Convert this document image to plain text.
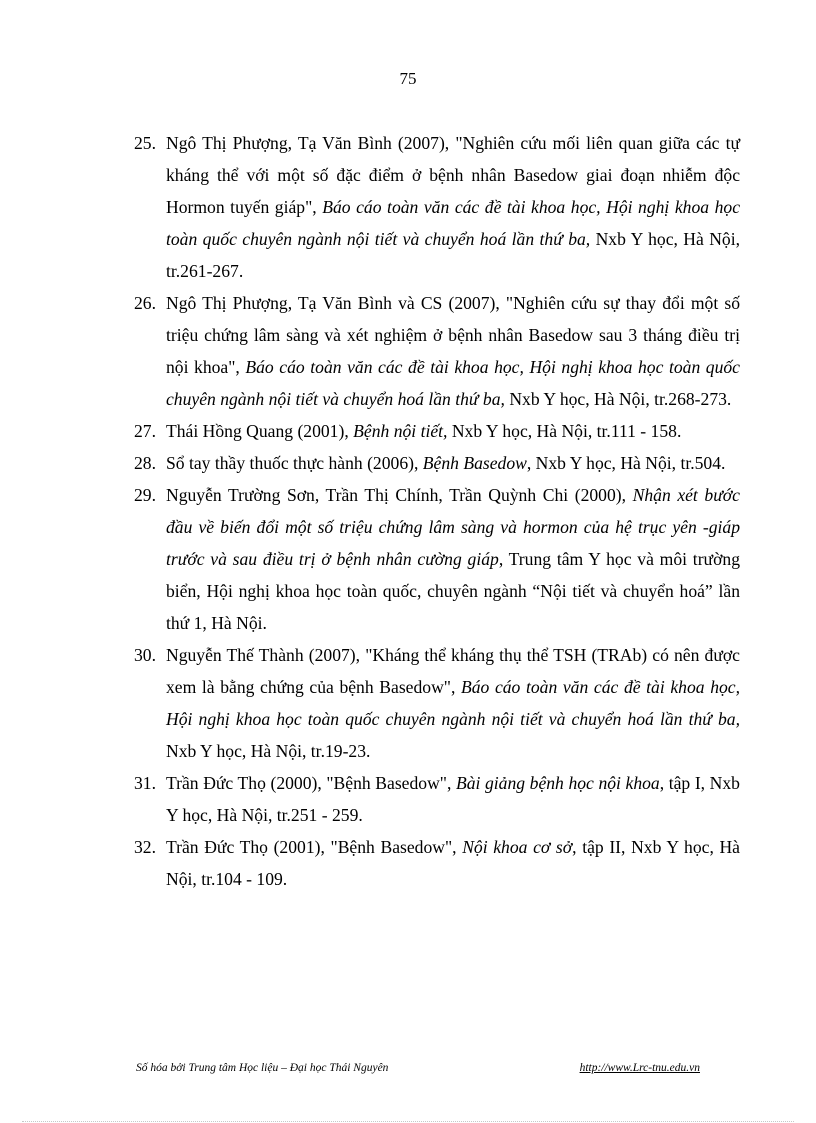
75
25. Ngô Thị Phượng, Tạ Văn Bình (2007), "Nghiên cứu mối liên quan giữa các tự kháng thể với một số đặc điểm ở bệnh nhân Basedow giai đoạn nhiễm độc Hormon tuyến giáp", Báo cáo toàn văn các đề tài khoa học, Hội nghị khoa học toàn quốc chuyên ngành nội tiết và chuyển hoá lần thứ ba, Nxb Y học, Hà Nội, tr.261-267.
26. Ngô Thị Phượng, Tạ Văn Bình và CS (2007), "Nghiên cứu sự thay đổi một số triệu chứng lâm sàng và xét nghiệm ở bệnh nhân Basedow sau 3 tháng điều trị nội khoa", Báo cáo toàn văn các đề tài khoa học, Hội nghị khoa học toàn quốc chuyên ngành nội tiết và chuyển hoá lần thứ ba, Nxb Y học, Hà Nội, tr.268-273.
27. Thái Hồng Quang (2001), Bệnh nội tiết, Nxb Y học, Hà Nội, tr.111 - 158.
28. Sổ tay thầy thuốc thực hành (2006), Bệnh Basedow, Nxb Y học, Hà Nội, tr.504.
29. Nguyễn Trường Sơn, Trần Thị Chính, Trần Quỳnh Chi (2000), Nhận xét bước đầu về biến đổi một số triệu chứng lâm sàng và hormon của hệ trục yên -giáp trước và sau điều trị ở bệnh nhân cường giáp, Trung tâm Y học và môi trường biển, Hội nghị khoa học toàn quốc, chuyên ngành “Nội tiết và chuyển hoá” lần thứ 1, Hà Nội.
30. Nguyễn Thế Thành (2007), "Kháng thể kháng thụ thể TSH (TRAb) có nên được xem là bằng chứng của bệnh Basedow", Báo cáo toàn văn các đề tài khoa học, Hội nghị khoa học toàn quốc chuyên ngành nội tiết và chuyển hoá lần thứ ba, Nxb Y học, Hà Nội, tr.19-23.
31. Trần Đức Thọ (2000), "Bệnh Basedow", Bài giảng bệnh học nội khoa, tập I, Nxb Y học, Hà Nội, tr.251 - 259.
32. Trần Đức Thọ (2001), "Bệnh Basedow", Nội khoa cơ sở, tập II, Nxb Y học, Hà Nội, tr.104 - 109.
Số hóa bởi Trung tâm Học liệu – Đại học Thái Nguyên	http://www.Lrc-tnu.edu.vn
